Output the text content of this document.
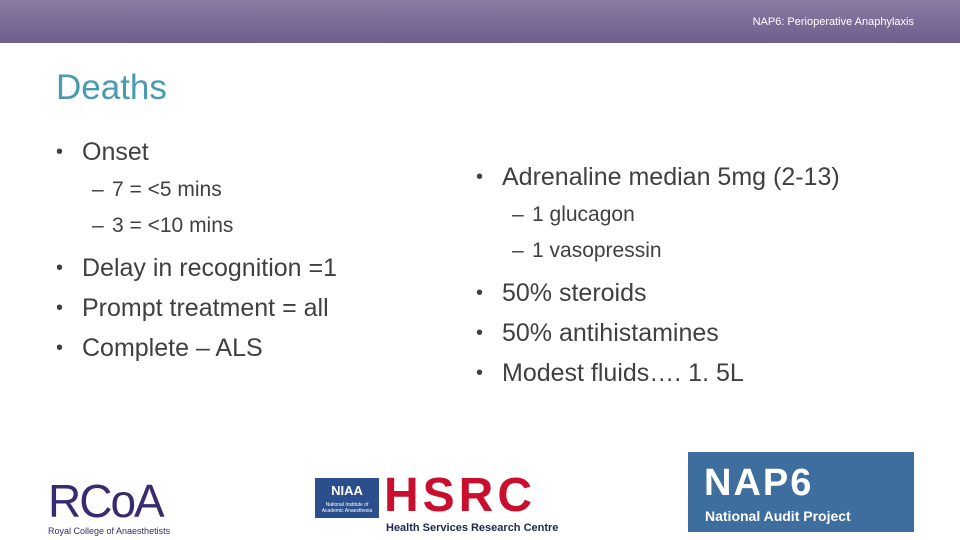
NAP6: Perioperative Anaphylaxis
Deaths
• Onset
– 7 = <5 mins
– 3 = <10 mins
• Delay in recognition =1
• Prompt treatment = all
• Complete – ALS
• Adrenaline median 5mg (2-13)
– 1 glucagon
– 1 vasopressin
• 50% steroids
• 50% antihistamines
• Modest fluids…. 1. 5L
RCoA
Royal College of Anaesthetists
NIAA
National Institute of Academic Anaesthesia HSRC
Health Services Research Centre
NAP6
National Audit Project
